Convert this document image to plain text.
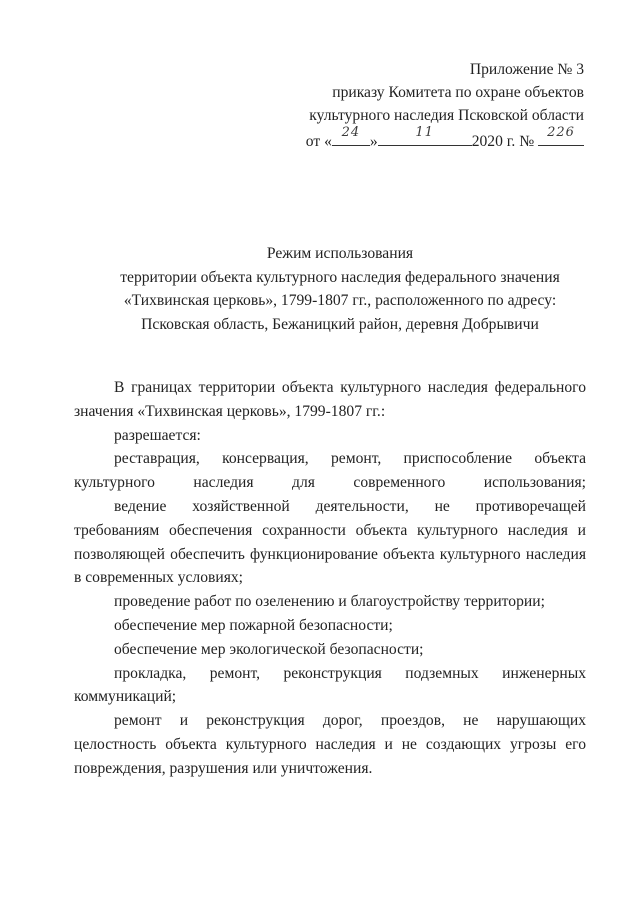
Приложение № 3
приказу Комитета по охране объектов
культурного наследия Псковской области
от «
24
»
11
2020 г. №
226
Режим использования
территории объекта культурного наследия федерального значения
«Тихвинская церковь», 1799-1807 гг., расположенного по адресу:
Псковская область, Бежаницкий район, деревня Добрывичи

В границах территории объекта культурного наследия федерального значения «Тихвинская церковь», 1799-1807 гг.:

разрешается:

реставрация, консервация, ремонт, приспособление объекта культурного наследия для современного использования;

ведение хозяйственной деятельности, не противоречащей требованиям обеспечения сохранности объекта культурного наследия и позволяющей обеспечить функционирование объекта культурного наследия в современных условиях;

проведение работ по озеленению и благоустройству территории;

обеспечение мер пожарной безопасности;

обеспечение мер экологической безопасности;

прокладка, ремонт, реконструкция подземных инженерных коммуникаций;

ремонт и реконструкция дорог, проездов, не нарушающих целостность объекта культурного наследия и не создающих угрозы его повреждения, разрушения или уничтожения.
